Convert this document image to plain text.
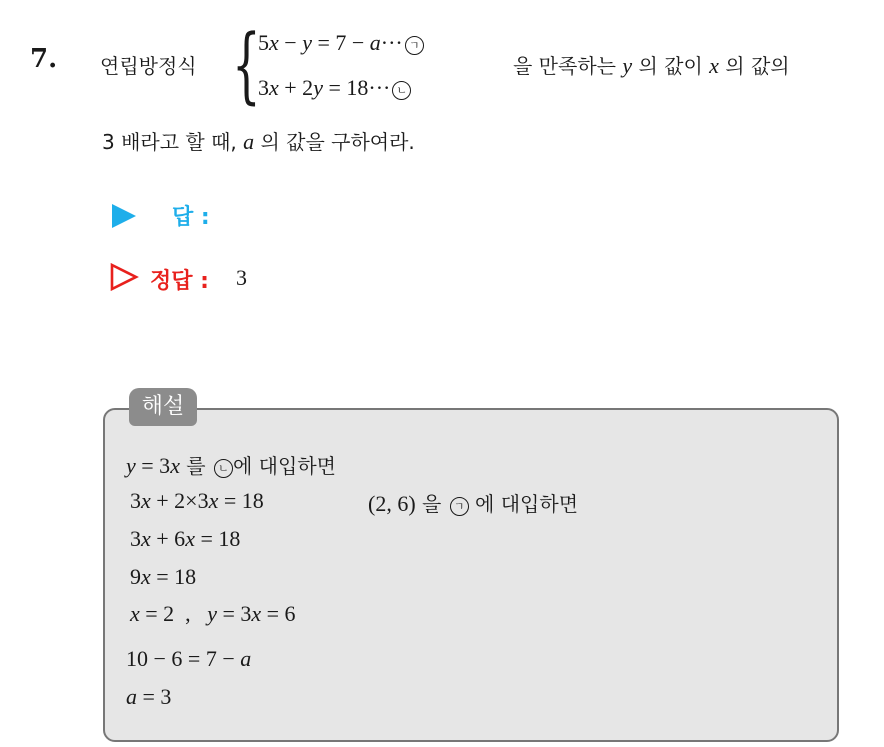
7. 연립방정식 {
5x − y = 7 − a··· ㄱ
3x + 2y = 18··· ㄴ
을 만족하는 y 의 값이 x 의 값의
3 배라고 할 때, a 의 값을 구하여라.
답 :
정답 : 3
해설
y = 3x 를 ㄴ 에 대입하면
3x + 2×3x = 18	(2, 6) 을 ㄱ 에 대입하면
3x + 6x = 18
9x = 18
x = 2  ,   y = 3x = 6
10 − 6 = 7 − a
a = 3
